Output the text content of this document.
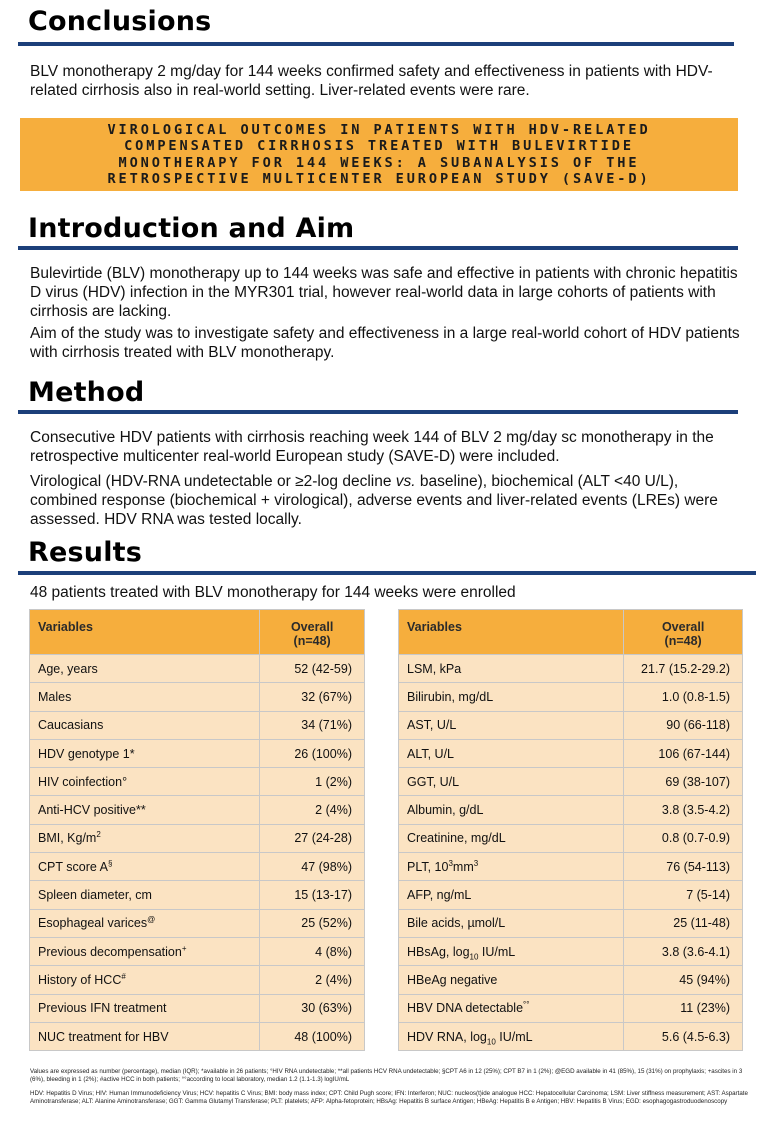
Conclusions
BLV monotherapy 2 mg/day for 144 weeks confirmed safety and effectiveness in patients with HDV-related cirrhosis also in real-world setting. Liver-related events were rare.
VIROLOGICAL OUTCOMES IN PATIENTS WITH HDV-RELATED
COMPENSATED CIRRHOSIS TREATED WITH BULEVIRTIDE
MONOTHERAPY FOR 144 WEEKS: A SUBANALYSIS OF THE
RETROSPECTIVE MULTICENTER EUROPEAN STUDY (SAVE-D)
Introduction and Aim
Bulevirtide (BLV) monotherapy up to 144 weeks was safe and effective in patients with chronic hepatitis D virus (HDV) infection in the MYR301 trial, however real-world data in large cohorts of patients with cirrhosis are lacking.
Aim of the study was to investigate safety and effectiveness in a large real-world cohort of HDV patients with cirrhosis treated with BLV monotherapy.
Method
Consecutive HDV patients with cirrhosis reaching week 144 of BLV 2 mg/day sc monotherapy in the retrospective multicenter real-world European study (SAVE-D) were included.
Virological (HDV-RNA undetectable or ≥2-log decline vs. baseline), biochemical (ALT <40 U/L), combined response (biochemical + virological), adverse events and liver-related events (LREs) were assessed. HDV RNA was tested locally.
Results
48 patients treated with BLV monotherapy for 144 weeks were enrolled
Variables	Overall
(n=48)
Age, years	52 (42-59)
Males	32 (67%)
Caucasians	34 (71%)
HDV genotype 1*	26 (100%)
HIV coinfection°	1 (2%)
Anti-HCV positive**	2 (4%)
BMI, $Kg/m^2$	27 (24-28)
CPT score A§	47 (98%)
Spleen diameter, cm	15 (13-17)
Esophageal varices@	25 (52%)
Previous decompensation+	4 (8%)
History of HCC#	2 (4%)
Previous IFN treatment	30 (63%)
NUC treatment for HBV	48 (100%)
Variables	Overall
(n=48)
LSM, kPa	21.7 (15.2-29.2)
Bilirubin, mg/dL	1.0 (0.8-1.5)
AST, U/L	90 (66-118)
ALT, U/L	106 (67-144)
GGT, U/L	69 (38-107)
Albumin, g/dL	3.8 (3.5-4.2)
Creatinine, mg/dL	0.8 (0.7-0.9)
PLT, $10^3mm^3$	76 (54-113)
AFP, ng/mL	7 (5-14)
Bile acids, µmol/L	25 (11-48)
HBsAg, $\log_{10} IU/mL$	3.8 (3.6-4.1)
HBeAg negative	45 (94%)
HBV DNA detectable°°	11 (23%)
HDV RNA, $\log_{10} IU/mL$	5.6 (4.5-6.3)
Values are expressed as number (percentage), median (IQR); *available in 26 patients; °HIV RNA undetectable; **all patients HCV RNA undetectable; §CPT A6 in 12 (25%); CPT B7 in 1 (2%); @EGD available in 41 (85%), 15 (31%) on prophylaxis; +ascites in 3 (6%), bleeding in 1 (2%); #active HCC in both patients; °°according to local laboratory, median 1.2 (1.1-1.3) logIU/mL
HDV: Hepatitis D Virus; HIV: Human Immunodeficiency Virus; HCV: hepatitis C Virus; BMI: body mass index; CPT: Child Pugh score; IFN: Interferon; NUC: nucleos(t)ide analogue HCC: Hepatocellular Carcinoma; LSM: Liver stiffness measurement; AST: Aspartate Aminotransferase; ALT: Alanine Aminotransferase; GGT: Gamma Glutamyl Transferase; PLT: platelets; AFP: Alpha-fetoprotein; HBsAg: Hepatitis B surface Antigen; HBeAg: Hepatitis B e Antigen; HBV: Hepatitis B Virus; EGD: esophagogastroduodenoscopy
